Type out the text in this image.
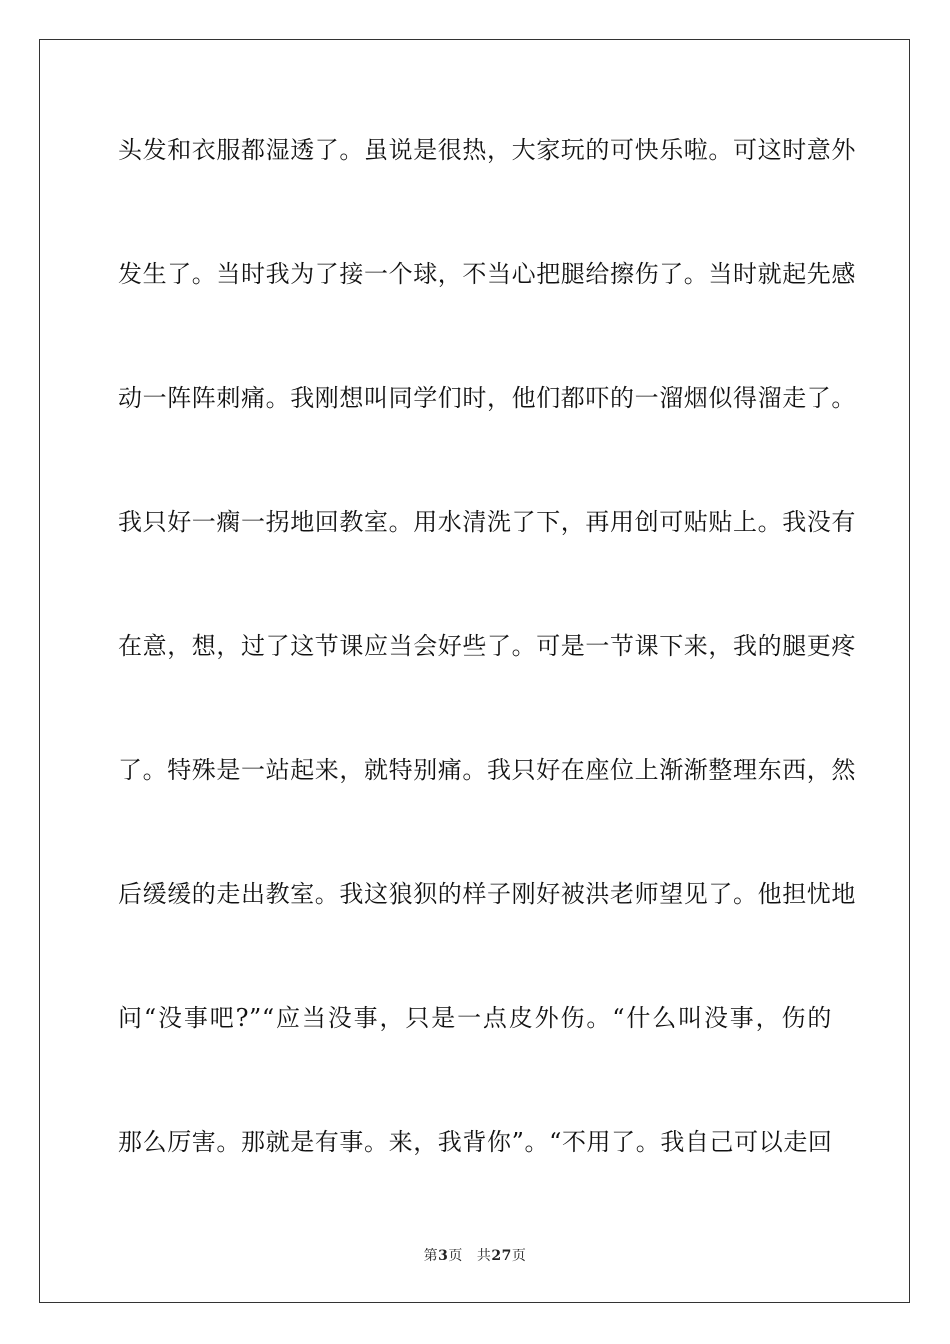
头发和衣服都湿透了。虽说是很热，大家玩的可快乐啦。可这时意外

发生了。当时我为了接一个球，不当心把腿给擦伤了。当时就起先感

动一阵阵刺痛。我刚想叫同学们时，他们都吓的一溜烟似得溜走了。

我只好一瘸一拐地回教室。用水清洗了下，再用创可贴贴上。我没有

在意，想，过了这节课应当会好些了。可是一节课下来，我的腿更疼

了。特殊是一站起来，就特别痛。我只好在座位上渐渐整理东西，然

后缓缓的走出教室。我这狼狈的样子刚好被洪老师望见了。他担忧地

问“没事吧?”“应当没事，只是一点皮外伤。“什么叫没事，伤的

那么厉害。那就是有事。来，我背你”。“不用了。我自己可以走回

第3页 共27页
